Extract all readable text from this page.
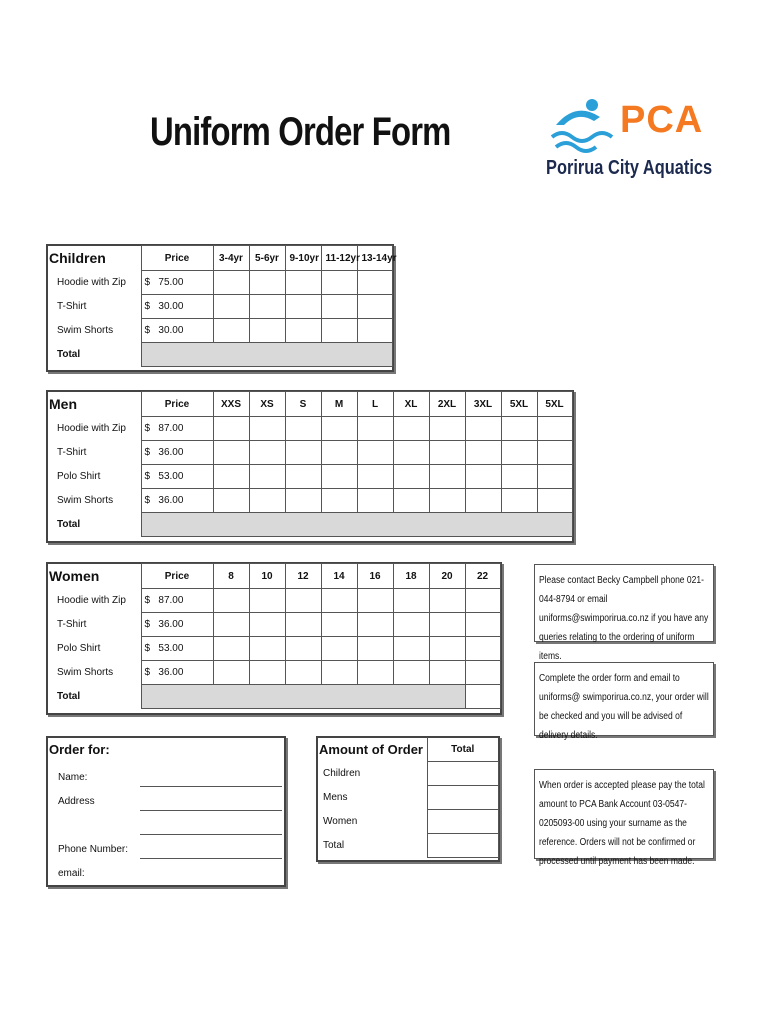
Uniform Order Form	PCA
Porirua City Aquatics
Children	Price	3-4yr	5-6yr	9-10yr	11-12yr	13-14yr	
Hoodie with Zip	$ 75.00						
T-Shirt	$ 30.00						
Swim Shorts	$ 30.00						
Total							
Men	Price	XXS	XS	S	M	L	XL	2XL	3XL	5XL	5XL	
Hoodie with Zip	$ 87.00											
T-Shirt	$ 36.00											
Polo Shirt	$ 53.00											
Swim Shorts	$ 36.00											
Total												
Women	Price	8	10	12	14	16	18	20	22	
Hoodie with Zip	$ 87.00									
T-Shirt	$ 36.00									
Polo Shirt	$ 53.00									
Swim Shorts	$ 36.00									
Total										
Please contact Becky Campbell phone 021-044-8794 or email uniforms@swimporirua.co.nz if you have any queries relating to the ordering of uniform items.
Complete the order form and email to uniforms@ swimporirua.co.nz, your order will be checked and you will be advised of delivery details.
When order is accepted please pay the total amount to PCA Bank Account 03-0547-0205093-00 using your surname as the reference. Orders will not be confirmed or processed until payment has been made.
Order for:
Name:
Address
Phone Number:
email:
Amount of Order	Total
Children	
Mens	
Women	
Total	
